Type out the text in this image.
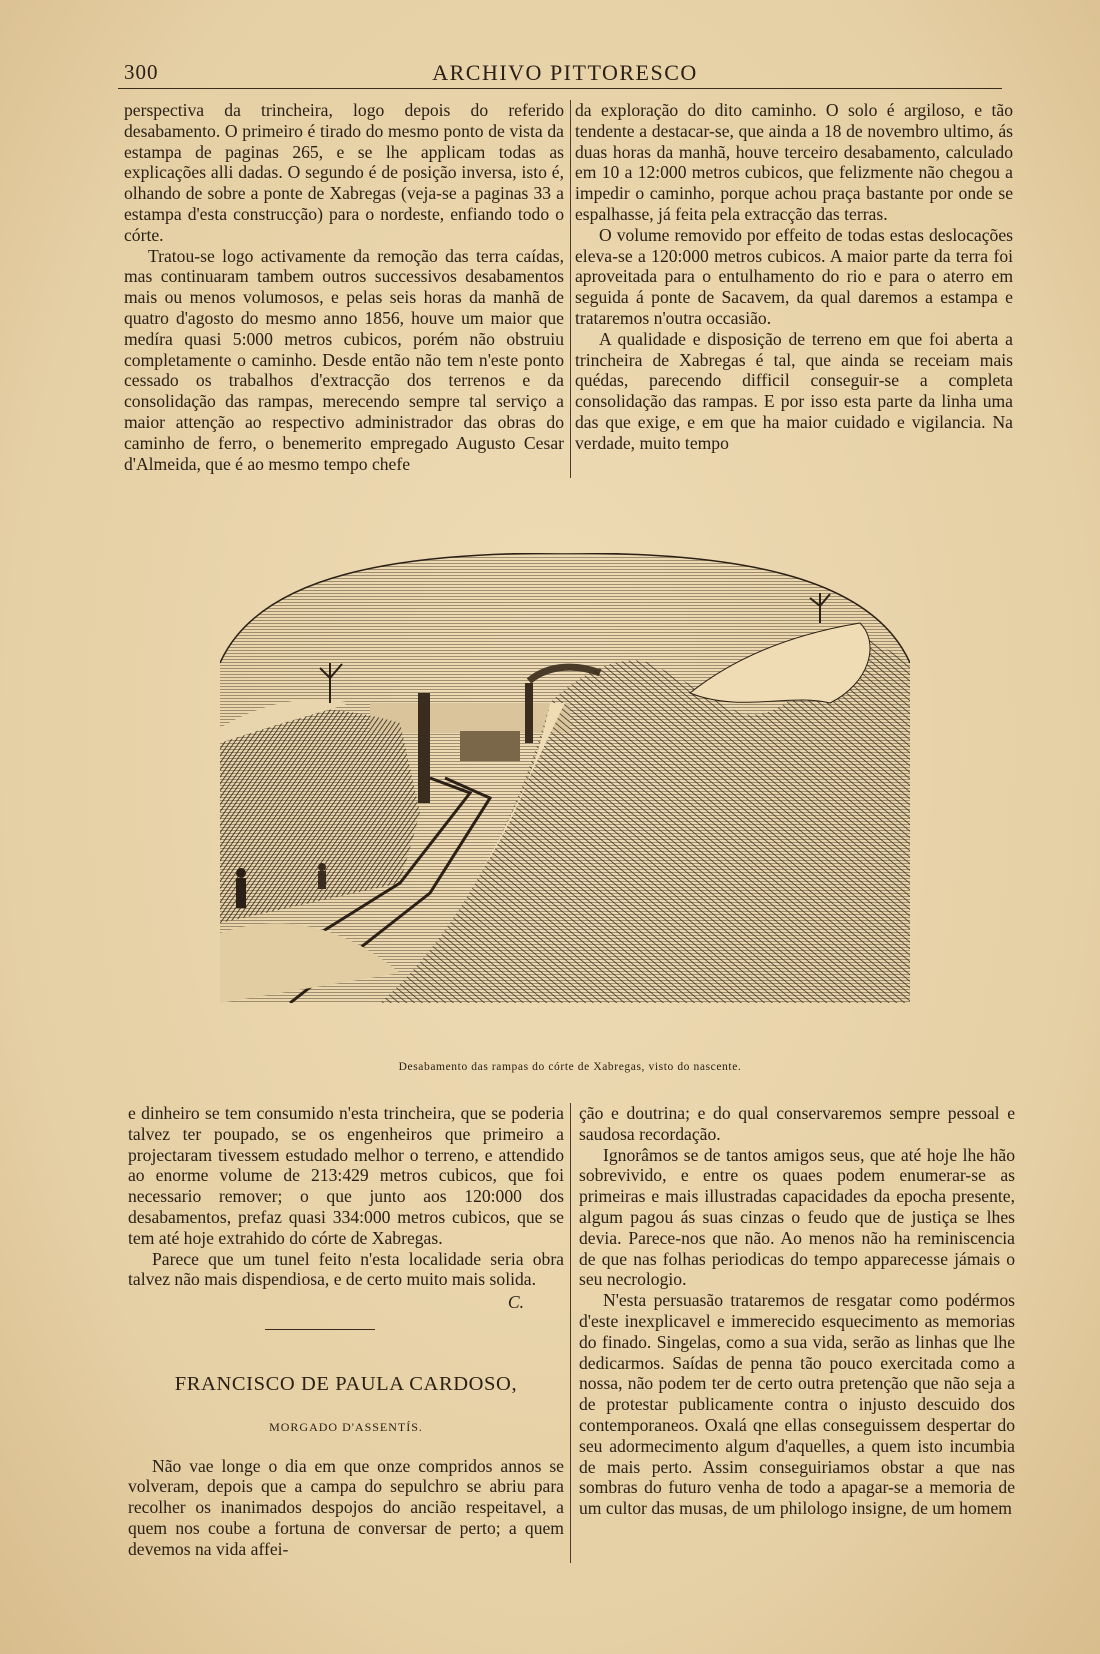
300	ARCHIVO PITTORESCO

perspectiva da trincheira, logo depois do referido desabamento. O primeiro é tirado do mesmo ponto de vista da estampa de paginas 265, e se lhe applicam todas as explicações alli dadas. O segundo é de posição inversa, isto é, olhando de sobre a ponte de Xabregas (veja-se a paginas 33 a estampa d'esta construcção) para o nordeste, enfiando todo o córte.

Tratou-se logo activamente da remoção das terra caídas, mas continuaram tambem outros successivos desabamentos mais ou menos volumosos, e pelas seis horas da manhã de quatro d'agosto do mesmo anno 1856, houve um maior que medíra quasi 5:000 metros cubicos, porém não obstruiu completamente o caminho. Desde então não tem n'este ponto cessado os trabalhos d'extracção dos terrenos e da consolidação das rampas, merecendo sempre tal serviço a maior attenção ao respectivo administrador das obras do caminho de ferro, o benemerito empregado Augusto Cesar d'Almeida, que é ao mesmo tempo chefe

da exploração do dito caminho. O solo é argiloso, e tão tendente a destacar-se, que ainda a 18 de novembro ultimo, ás duas horas da manhã, houve terceiro desabamento, calculado em 10 a 12:000 metros cubicos, que felizmente não chegou a impedir o caminho, porque achou praça bastante por onde se espalhasse, já feita pela extracção das terras.

O volume removido por effeito de todas estas deslocações eleva-se a 120:000 metros cubicos. A maior parte da terra foi aproveitada para o entulhamento do rio e para o aterro em seguida á ponte de Sacavem, da qual daremos a estampa e trataremos n'outra occasião.

A qualidade e disposição de terreno em que foi aberta a trincheira de Xabregas é tal, que ainda se receiam mais quédas, parecendo difficil conseguir-se a completa consolidação das rampas. E por isso esta parte da linha uma das que exige, e em que ha maior cuidado e vigilancia. Na verdade, muito tempo

Desabamento das rampas do córte de Xabregas, visto do nascente.

e dinheiro se tem consumido n'esta trincheira, que se poderia talvez ter poupado, se os engenheiros que primeiro a projectaram tivessem estudado melhor o terreno, e attendido ao enorme volume de 213:429 metros cubicos, que foi necessario remover; o que junto aos 120:000 dos desabamentos, prefaz quasi 334:000 metros cubicos, que se tem até hoje extrahido do córte de Xabregas.

Parece que um tunel feito n'esta localidade seria obra talvez não mais dispendiosa, e de certo muito mais solida.

C.
FRANCISCO DE PAULA CARDOSO,
MORGADO D'ASSENTÍS.

Não vae longe o dia em que onze compridos annos se volveram, depois que a campa do sepulchro se abriu para recolher os inanimados despojos do ancião respeitavel, a quem nos coube a fortuna de conversar de perto; a quem devemos na vida affei-

ção e doutrina; e do qual conservaremos sempre pessoal e saudosa recordação.

Ignorâmos se de tantos amigos seus, que até hoje lhe hão sobrevivido, e entre os quaes podem enumerar-se as primeiras e mais illustradas capacidades da epocha presente, algum pagou ás suas cinzas o feudo que de justiça se lhes devia. Parece-nos que não. Ao menos não ha reminiscencia de que nas folhas periodicas do tempo apparecesse jámais o seu necrologio.

N'esta persuasão trataremos de resgatar como podérmos d'este inexplicavel e immerecido esquecimento as memorias do finado. Singelas, como a sua vida, serão as linhas que lhe dedicarmos. Saídas de penna tão pouco exercitada como a nossa, não podem ter de certo outra pretenção que não seja a de protestar publicamente contra o injusto descuido dos contemporaneos. Oxalá qne ellas conseguissem despertar do seu adormecimento algum d'aquelles, a quem isto incumbia de mais perto. Assim conseguiriamos obstar a que nas sombras do futuro venha de todo a apagar-se a memoria de um cultor das musas, de um philologo insigne, de um homem
